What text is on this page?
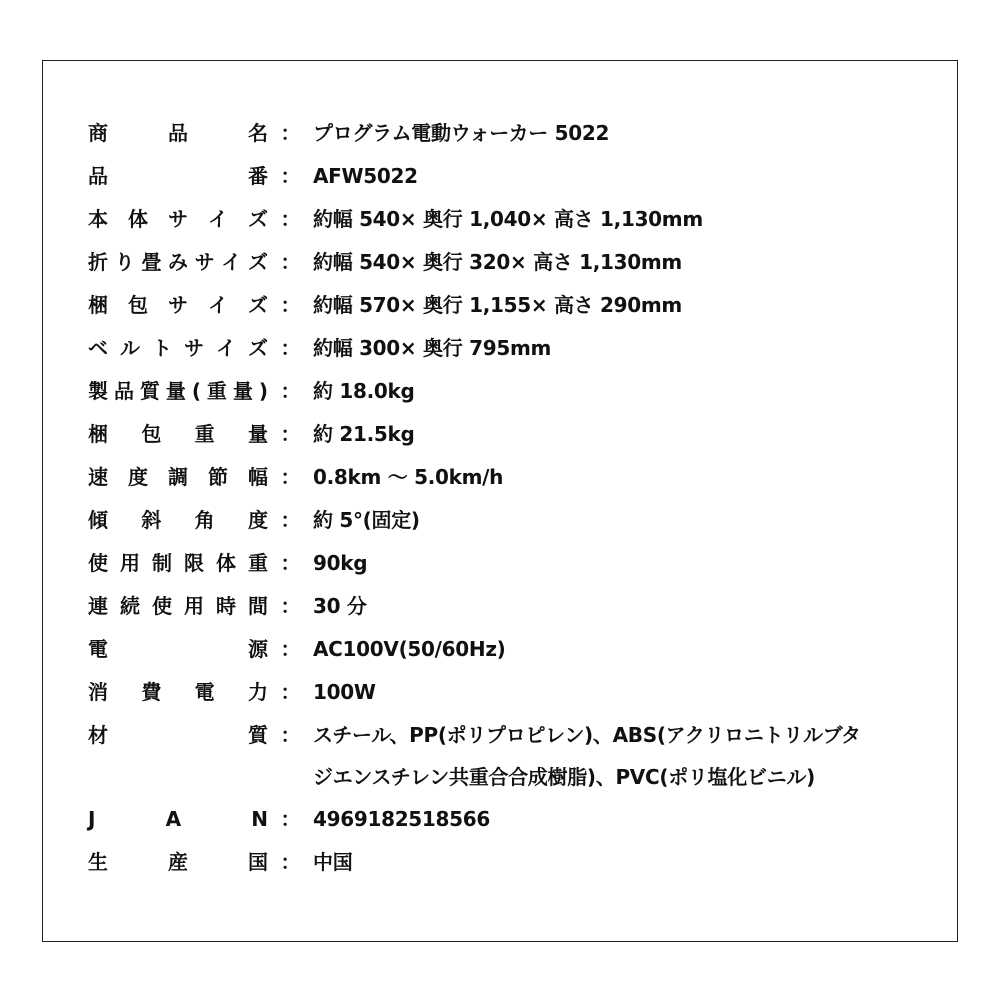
商	品	名 ： プログラム電動ウォーカー 5022
品	番 ： AFW5022
本 体 サ イ ズ ： 約幅 540× 奥行 1,040× 高さ 1,130mm
折 り 畳 み サ イ ズ ： 約幅 540× 奥行 320× 高さ 1,130mm
梱 包 サ イ ズ ： 約幅 570× 奥行 1,155× 高さ 290mm
ベ ル ト サ イ ズ ： 約幅 300× 奥行 795mm
製 品 質 量 ( 重 量 ) ： 約 18.0kg
梱 包 重 量 ： 約 21.5kg
速 度 調 節 幅 ： 0.8km 〜 5.0km/h
傾 斜 角 度 ： 約 5°(固定)
使 用 制 限 体 重 ： 90kg
連 続 使 用 時 間 ： 30 分
電	源 ： AC100V(50/60Hz)
消 費 電 力 ： 100W
材	質 ： スチール、PP(ポリプロピレン)、ABS(アクリロニトリルブタ
ジエンスチレン共重合合成樹脂)、PVC(ポリ塩化ビニル)
J	A	N ： 4969182518566
生	産	国 ： 中国
